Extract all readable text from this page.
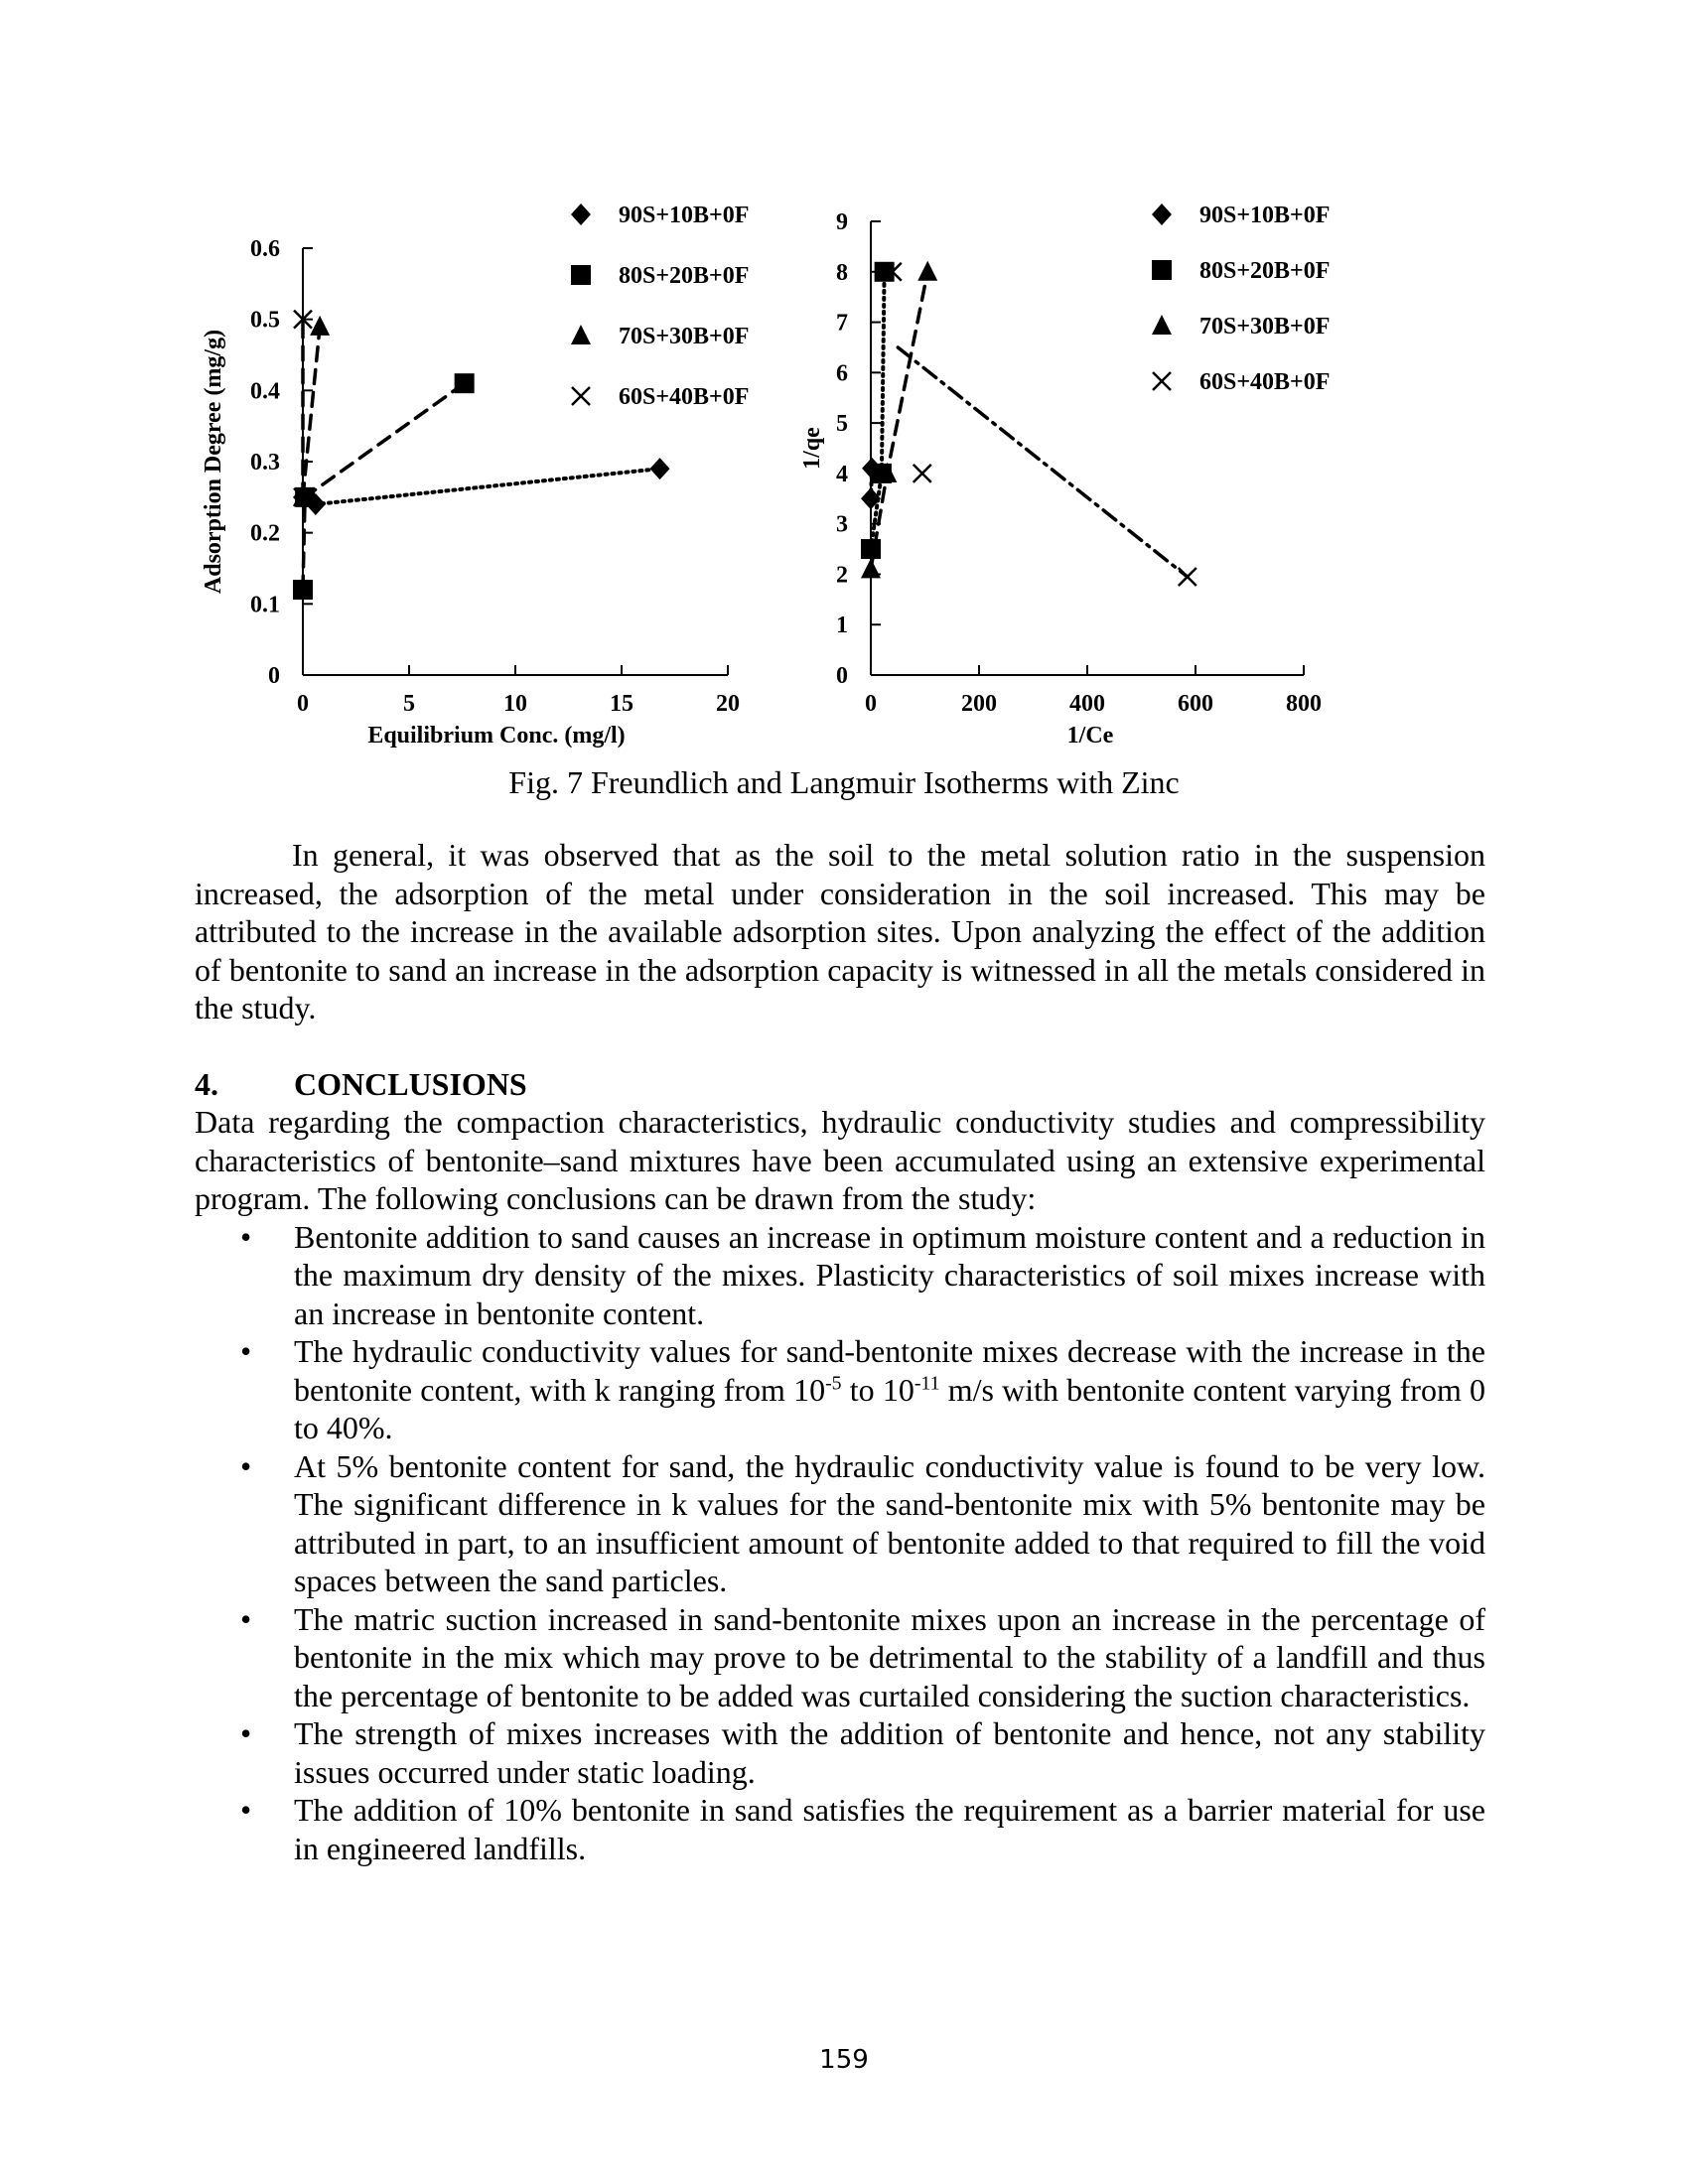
0	5	10	15	20
0
0.1
0.2
0.3
0.4
0.5
0.6
Equilibrium Conc. (mg/l)
Adsorption Degree (mg/g)
90S+10B+0F
80S+20B+0F
70S+30B+0F
60S+40B+0F
0	200	400	600	800
0
1
2
3
4
5
6
7
8
9
1/Ce
1/qe
90S+10B+0F
80S+20B+0F
70S+30B+0F
60S+40B+0F
Fig. 7 Freundlich and Langmuir Isotherms with Zinc

In general, it was observed that as the soil to the metal solution ratio in the suspension increased, the adsorption of the metal under consideration in the soil increased. This may be attributed to the increase in the available adsorption sites. Upon analyzing the effect of the addition of bentonite to sand an increase in the adsorption capacity is witnessed in all the metals considered in the study.

4.	CONCLUSIONS

Data regarding the compaction characteristics, hydraulic conductivity studies and compressibility characteristics of bentonite–sand mixtures have been accumulated using an extensive experimental program. The following conclusions can be drawn from the study:

• Bentonite addition to sand causes an increase in optimum moisture content and a reduction in the maximum dry density of the mixes. Plasticity characteristics of soil mixes increase with an increase in bentonite content.
• The hydraulic conductivity values for sand-bentonite mixes decrease with the increase in the bentonite content, with k ranging from $10^{-5}$ to $10^{-11}$ m/s with bentonite content varying from 0 to 40%.
• At 5% bentonite content for sand, the hydraulic conductivity value is found to be very low. The significant difference in k values for the sand-bentonite mix with 5% bentonite may be attributed in part, to an insufficient amount of bentonite added to that required to fill the void spaces between the sand particles.
• The matric suction increased in sand-bentonite mixes upon an increase in the percentage of bentonite in the mix which may prove to be detrimental to the stability of a landfill and thus the percentage of bentonite to be added was curtailed considering the suction characteristics.
• The strength of mixes increases with the addition of bentonite and hence, not any stability issues occurred under static loading.
• The addition of 10% bentonite in sand satisfies the requirement as a barrier material for use in engineered landfills.
159
